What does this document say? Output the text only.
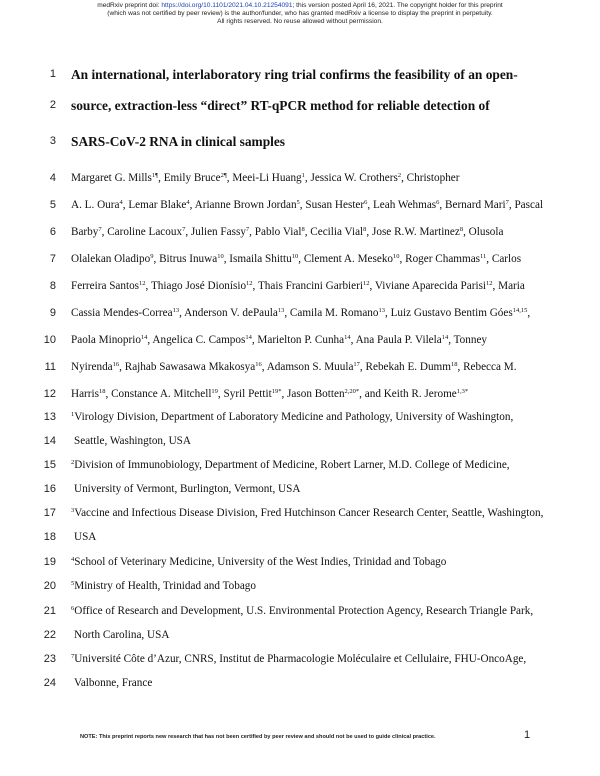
medRxiv preprint doi: https://doi.org/10.1101/2021.04.10.21254091; this version posted April 16, 2021. The copyright holder for this preprint
(which was not certified by peer review) is the author/funder, who has granted medRxiv a license to display the preprint in perpetuity.
All rights reserved. No reuse allowed without permission.
1 An international, interlaboratory ring trial confirms the feasibility of an open-
2 source, extraction-less “direct” RT-qPCR method for reliable detection of
3 SARS-CoV-2 RNA in clinical samples
4 Margaret G. Mills$^{1\P}$, Emily Bruce$^{2\P}$, Meei-Li Huang$^1$, Jessica W. Crothers$^2$, Christopher
5 A. L. Oura$^4$, Lemar Blake$^4$, Arianne Brown Jordan$^5$, Susan Hester$^6$, Leah Wehmas$^6$, Bernard Mari$^7$, Pascal
6 Barby$^7$, Caroline Lacoux$^7$, Julien Fassy$^7$, Pablo Vial$^8$, Cecilia Vial$^8$, Jose R.W. Martinez$^8$, Olusola
7 Olalekan Oladipo$^9$, Bitrus Inuwa$^{10}$, Ismaila Shittu$^{10}$, Clement A. Meseko$^{10}$, Roger Chammas$^{11}$, Carlos
8 Ferreira Santos$^{12}$, Thiago José Dionísio$^{12}$, Thais Francini Garbieri$^{12}$, Viviane Aparecida Parisi$^{12}$, Maria
9 Cassia Mendes-Correa$^{13}$, Anderson V. dePaula$^{13}$, Camila M. Romano$^{13}$, Luiz Gustavo Bentim Góes$^{14,15}$,
10 Paola Minoprio$^{14}$, Angelica C. Campos$^{14}$, Marielton P. Cunha$^{14}$, Ana Paula P. Vilela$^{14}$, Tonney
11 Nyirenda$^{16}$, Rajhab Sawasawa Mkakosya$^{16}$, Adamson S. Muula$^{17}$, Rebekah E. Dumm$^{18}$, Rebecca M.
12 Harris$^{18}$, Constance A. Mitchell$^{19}$, Syril Pettit$^{19*}$, Jason Botten$^{2,20*}$, and Keith R. Jerome$^{1,3*}$
13 $^1$Virology Division, Department of Laboratory Medicine and Pathology, University of Washington,
14 Seattle, Washington, USA
15 $^2$Division of Immunobiology, Department of Medicine, Robert Larner, M.D. College of Medicine,
16 University of Vermont, Burlington, Vermont, USA
17 $^3$Vaccine and Infectious Disease Division, Fred Hutchinson Cancer Research Center, Seattle, Washington,
18 USA
19 $^4$School of Veterinary Medicine, University of the West Indies, Trinidad and Tobago
20 $^5$Ministry of Health, Trinidad and Tobago
21 $^6$Office of Research and Development, U.S. Environmental Protection Agency, Research Triangle Park,
22 North Carolina, USA
23 $^7$Université Côte d’Azur, CNRS, Institut de Pharmacologie Moléculaire et Cellulaire, FHU-OncoAge,
24 Valbonne, France
NOTE: This preprint reports new research that has not been certified by peer review and should not be used to guide clinical practice.	1
